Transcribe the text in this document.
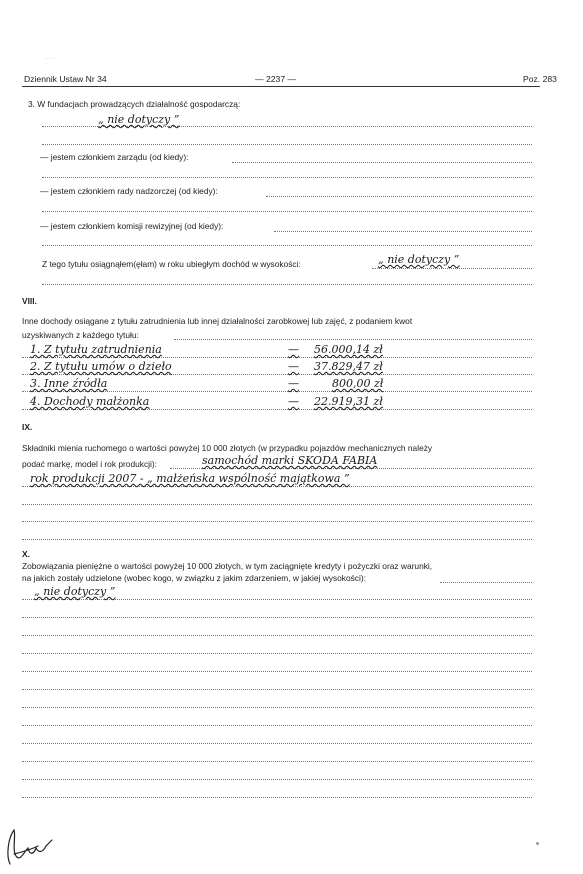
· · ·
Dziennik Ustaw Nr 34	— 2237 —	Poz. 283
3. W fundacjach prowadzących działalność gospodarczą:
„ nie dotyczy ”
— jestem członkiem zarządu (od kiedy):
— jestem członkiem rady nadzorczej (od kiedy):
— jestem członkiem komisji rewizyjnej (od kiedy):
Z tego tytułu osiągnąłem(ęłam) w roku ubiegłym dochód w wysokości:	„ nie dotyczy ”
VIII.
Inne dochody osiągane z tytułu zatrudnienia lub innej działalności zarobkowej lub zajęć, z podaniem kwot
uzyskiwanych z każdego tytułu:
1. Z tytułu zatrudnienia	— 56.000,14 zł
2. Z tytułu umów o dzieło	— 37.829,47 zł
3. Inne źródła	—	800,00 zł
4. Dochody małżonka	— 22.919,31 zł
IX.
Składniki mienia ruchomego o wartości powyżej 10 000 złotych (w przypadku pojazdów mechanicznych należy
podać markę, model i rok produkcji):	samochód marki SKODA FABIA
rok produkcji 2007 - „ małżeńska wspólność majątkowa ”
X.
Zobowiązania pieniężne o wartości powyżej 10 000 złotych, w tym zaciągnięte kredyty i pożyczki oraz warunki,
na jakich zostały udzielone (wobec kogo, w związku z jakim zdarzeniem, w jakiej wysokości):
„ nie dotyczy ”
